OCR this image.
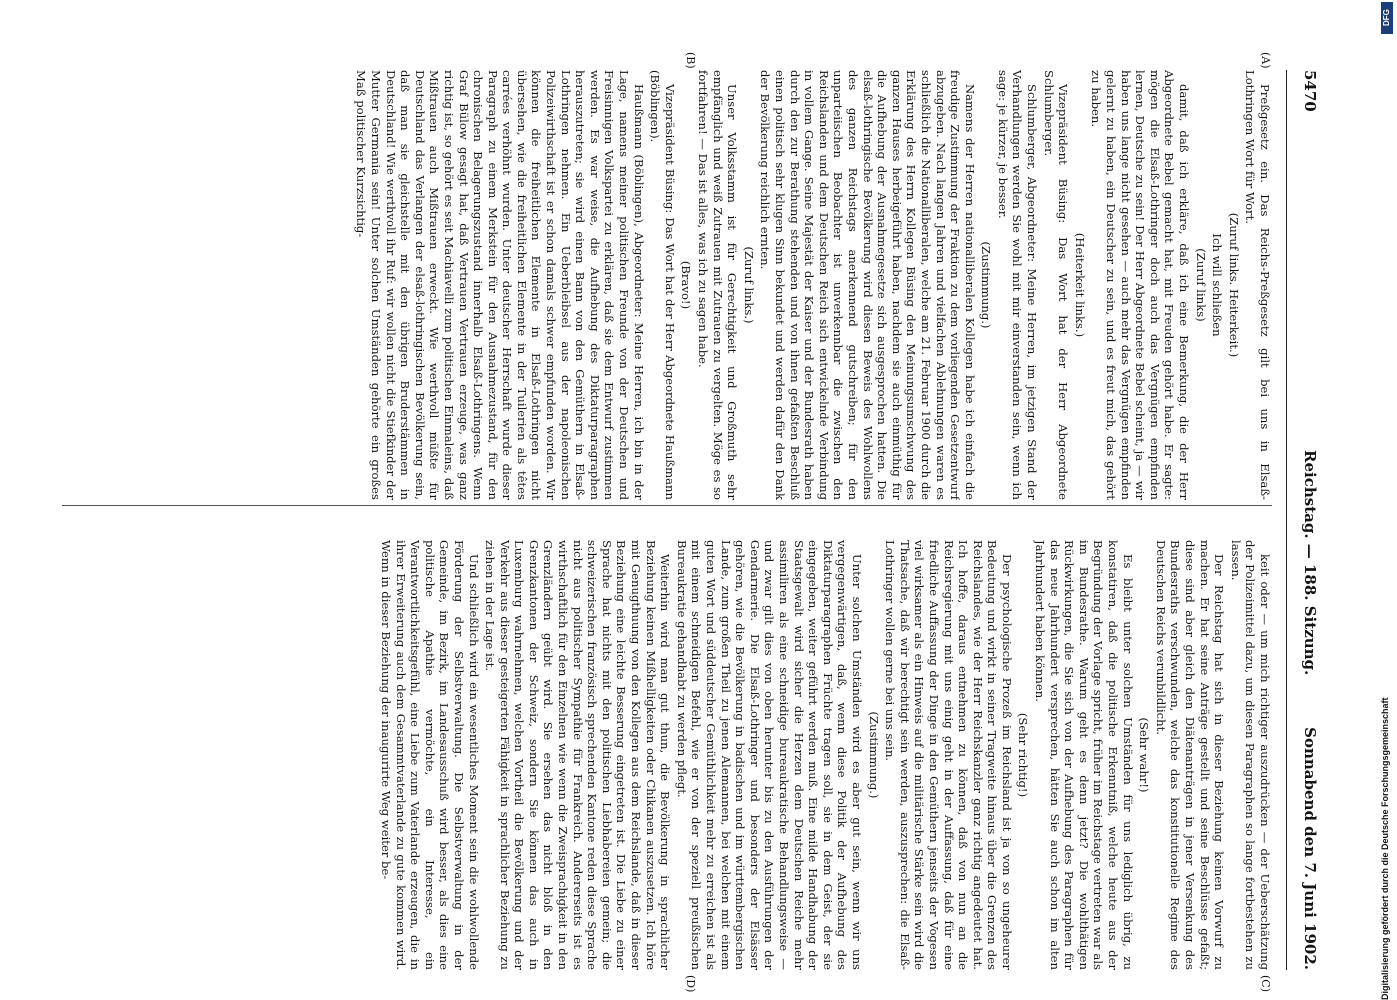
5470
Reichstag. — 188. Sitzung.
Sonnabend den 7. Juni 1902.
(A)
(B)
(C)
(D)

Preßgesetz ein. Das Reichs-Preßgesetz gilt bei uns in Elsaß-Lothringen Wort für Wort.

(Zuruf links. Heiterkeit.)

Ich will schließen

(Zuruf links)

damit, daß ich erkläre, daß ich eine Bemerkung, die der Herr Abgeordnete Bebel gemacht hat, mit Freuden gehört habe. Er sagte: mögen die Elsaß-Lothringer doch auch das Vergnügen empfinden lernen, Deutsche zu sein! Der Herr Abgeordnete Bebel scheint, ja — wir haben uns lange nicht gesehen — auch mehr das Vergnügen empfinden gelernt zu haben, ein Deutscher zu sein, und es freut mich, das gehört zu haben.

(Heiterkeit links.)

Vizepräsident Büsing: Das Wort hat der Herr Abgeordnete Schlumberger.

Schlumberger, Abgeordneter: Meine Herren, im jetzigen Stand der Verhandlungen werden Sie wohl mit mir einverstanden sein, wenn ich sage: je kürzer, je besser.

(Zustimmung.)

Namens der Herren nationalliberalen Kollegen habe ich einfach die freudige Zustimmung der Fraktion zu dem vorliegenden Gesetzentwurf abzugeben. Nach langen Jahren und vielfachen Ablehnungen waren es schließlich die Nationalliberalen, welche am 21. Februar 1900 durch die Erklärung des Herrn Kollegen Büsing den Meinungsumschwung des ganzen Hauses herbeigeführt haben, nachdem sie auch einmüthig für die Aufhebung der Ausnahmegesetze sich ausgesprochen hatten. Die elsaß-lothringische Bevölkerung wird diesen Beweis des Wohlwollens des ganzen Reichstags anerkennend gutschreiben; für den unparteiischen Beobachter ist unverkennbar die zwischen den Reichslanden und dem Deutschen Reich sich entwickelnde Verbindung in vollem Gange. Seine Majestät der Kaiser und der Bundesrath haben durch den zur Berathung stehenden und von ihnen gefaßten Beschluß einen politisch sehr klugen Sinn bekundet und werden dafür den Dank der Bevölkerung reichlich ernten.

(Zuruf links.)

Unser Volksstamm ist für Gerechtigkeit und Großmuth sehr empfänglich und weiß Zutrauen mit Zutrauen zu vergelten. Möge es so fortfahren! — Das ist alles, was ich zu sagen habe.

(Bravo!)

Vizepräsident Büsing: Das Wort hat der Herr Abgeordnete Haußmann (Böblingen).

Haußmann (Böblingen), Abgeordneter: Meine Herren, ich bin in der Lage, namens meiner politischen Freunde von der Deutschen und Freisinnigen Volkspartei zu erklären, daß sie dem Entwurf zustimmen werden. Es war weise, die Aufhebung des Diktaturparagraphen herauszutreten; sie wird einen Bann von den Gemüthern in Elsaß-Lothringen nehmen. Ein Ueberbleibsel aus der napoleonischen Polizeiwirthschaft ist er schon damals schwer empfunden worden. Wir können die freiheitlichen Elemente in Elsaß-Lothringen nicht übersehen, wie die freiheitlichen Elemente in der Tuilerien als têtes carrées verhöhnt wurden. Unter deutscher Herrschaft wurde dieser Paragraph zu einem Merkstein für den Ausnahmezustand, für den chronischen Belagerungszustand innerhalb Elsaß-Lothringens. Wenn Graf Bülow gesagt hat, daß Vertrauen Vertrauen erzeuge, was ganz richtig ist, so gehört es seit Machiavelli zum politischen Einmaleins, daß Mißtrauen auch Mißtrauen erweckt. Wie werthvoll müßte für Deutschland das Verlangen der elsaß-lothringischen Bevölkerung sein, daß man sie gleichstelle mit den übrigen Bruderstämmen in Deutschland! Wie werthvoll ihr Ruf: wir wollen nicht die Stiefkinder der Mutter Germania sein! Unter solchen Umständen gehörte ein großes Maß politischer Kurzsichtig-

keit oder — um mich richtiger auszudrücken — der Ueberschätzung der Polizeimittel dazu, um diesen Paragraphen so lange fortbestehen zu lassen.

Der Reichstag hat sich in dieser Beziehung keinen Vorwurf zu machen. Er hat seine Anträge gestellt und seine Beschlüsse gefaßt; diese sind aber gleich den Diätenanträgen in jener Versenkung des Bundesraths verschwunden, welche das konstitutionelle Regime des Deutschen Reichs verunbildlicht.

(Sehr wahr!)

Es bleibt unter solchen Umständen für uns lediglich übrig, zu konstatiren, daß die politische Erkenntniß, welche heute aus der Begründung der Vorlage spricht, früher im Reichstage vertreten war als im Bundesrathe. Warum geht es denn jetzt? Die wohlthätigen Rückwirkungen, die Sie sich von der Aufhebung des Paragraphen für das neue Jahrhundert versprechen, hätten Sie auch schon im alten Jahrhundert haben können.

(Sehr richtig!)

Der psychologische Prozeß im Reichsland ist ja von so ungeheurer Bedeutung und wirkt in seiner Tragweite hinaus über die Grenzen des Reichslandes, wie der Herr Reichskanzler ganz richtig angedeutet hat. Ich hoffe, daraus entnehmen zu können, daß von nun an die Reichsregierung mit uns einig geht in der Auffassung, daß für eine friedliche Auffassung der Dinge in den Gemüthern jenseits der Vogesen viel wirksamer als ein Hinweis auf die militärische Stärke sein wird die Thatsache, daß wir berechtigt sein werden, auszusprechen: die Elsaß-Lothringer wollen gerne bei uns sein.

(Zustimmung.)

Unter solchen Umständen wird es aber gut sein, wenn wir uns vergegenwärtigen, daß, wenn diese Politik der Aufhebung des Diktaturparagraphen Früchte tragen soll, sie in dem Geist, der sie eingegeben, weiter geführt werden muß. Eine milde Handhabung der Staatsgewalt wird sicher die Herzen dem Deutschen Reiche mehr assimiliren als eine schneidige bureaukratische Behandlungsweise — und zwar gilt dies von oben herunter bis zu den Ausführungen der Gendarmerie. Die Elsaß-Lothringer und besonders der Elsässer gehören, wie die Bevölkerung in badischen und im württembergischen Lande, zum großen Theil zu jenen Alemannen, bei welchen mit einem guten Wort und süddeutscher Gemüthlichkeit mehr zu erreichen ist als mit einem schneidigen Befehl, wie er von der speziell preußischen Bureaukratie gehandhabt zu werden pflegt.

Weiterhin wird man gut thun, die Bevölkerung in sprachlicher Beziehung keinen Mißhelligkeiten oder Chikanen auszusetzen. Ich höre mit Genugthuung von den Kollegen aus dem Reichslande, daß in dieser Beziehung eine leichte Besserung eingetreten ist. Die Liebe zu einer Sprache hat nichts mit den politischen Liebhabereien gemein; die schweizerischen französisch sprechenden Kantone reden diese Sprache nicht aus politischer Sympathie für Frankreich. Andererseits ist es wirthschaftlich für den Einzelnen wie wenn die Zweisprachigkeit in den Grenzländern geübt wird. Sie ersehen das nicht bloß in den Grenzkantonen der Schweiz, sondern Sie können das auch in Luxemburg wahrnehmen, welchen Vortheil die Bevölkerung und der Verkehr aus dieser gesteigerten Fähigkeit in sprachlicher Beziehung zu ziehen in der Lage ist.

Und schließlich wird ein wesentliches Moment sein die wohlwollende Förderung der Selbstverwaltung. Die Selbstverwaltung in der Gemeinde, im Bezirk, im Landesausschuß wird besser, als dies eine politische Apathie vermöchte, ein Interesse, ein Verantwortlichkeitsgefühl, eine Liebe zum Vaterlande erzeugen, die in ihrer Erweiterung auch dem Gesammtvaterlande zu gute kommen wird. Wenn in dieser Beziehung der inaugurirte Weg weiter be-

DFG
Digitalisierung gefördert durch die Deutsche Forschungsgemeinschaft
